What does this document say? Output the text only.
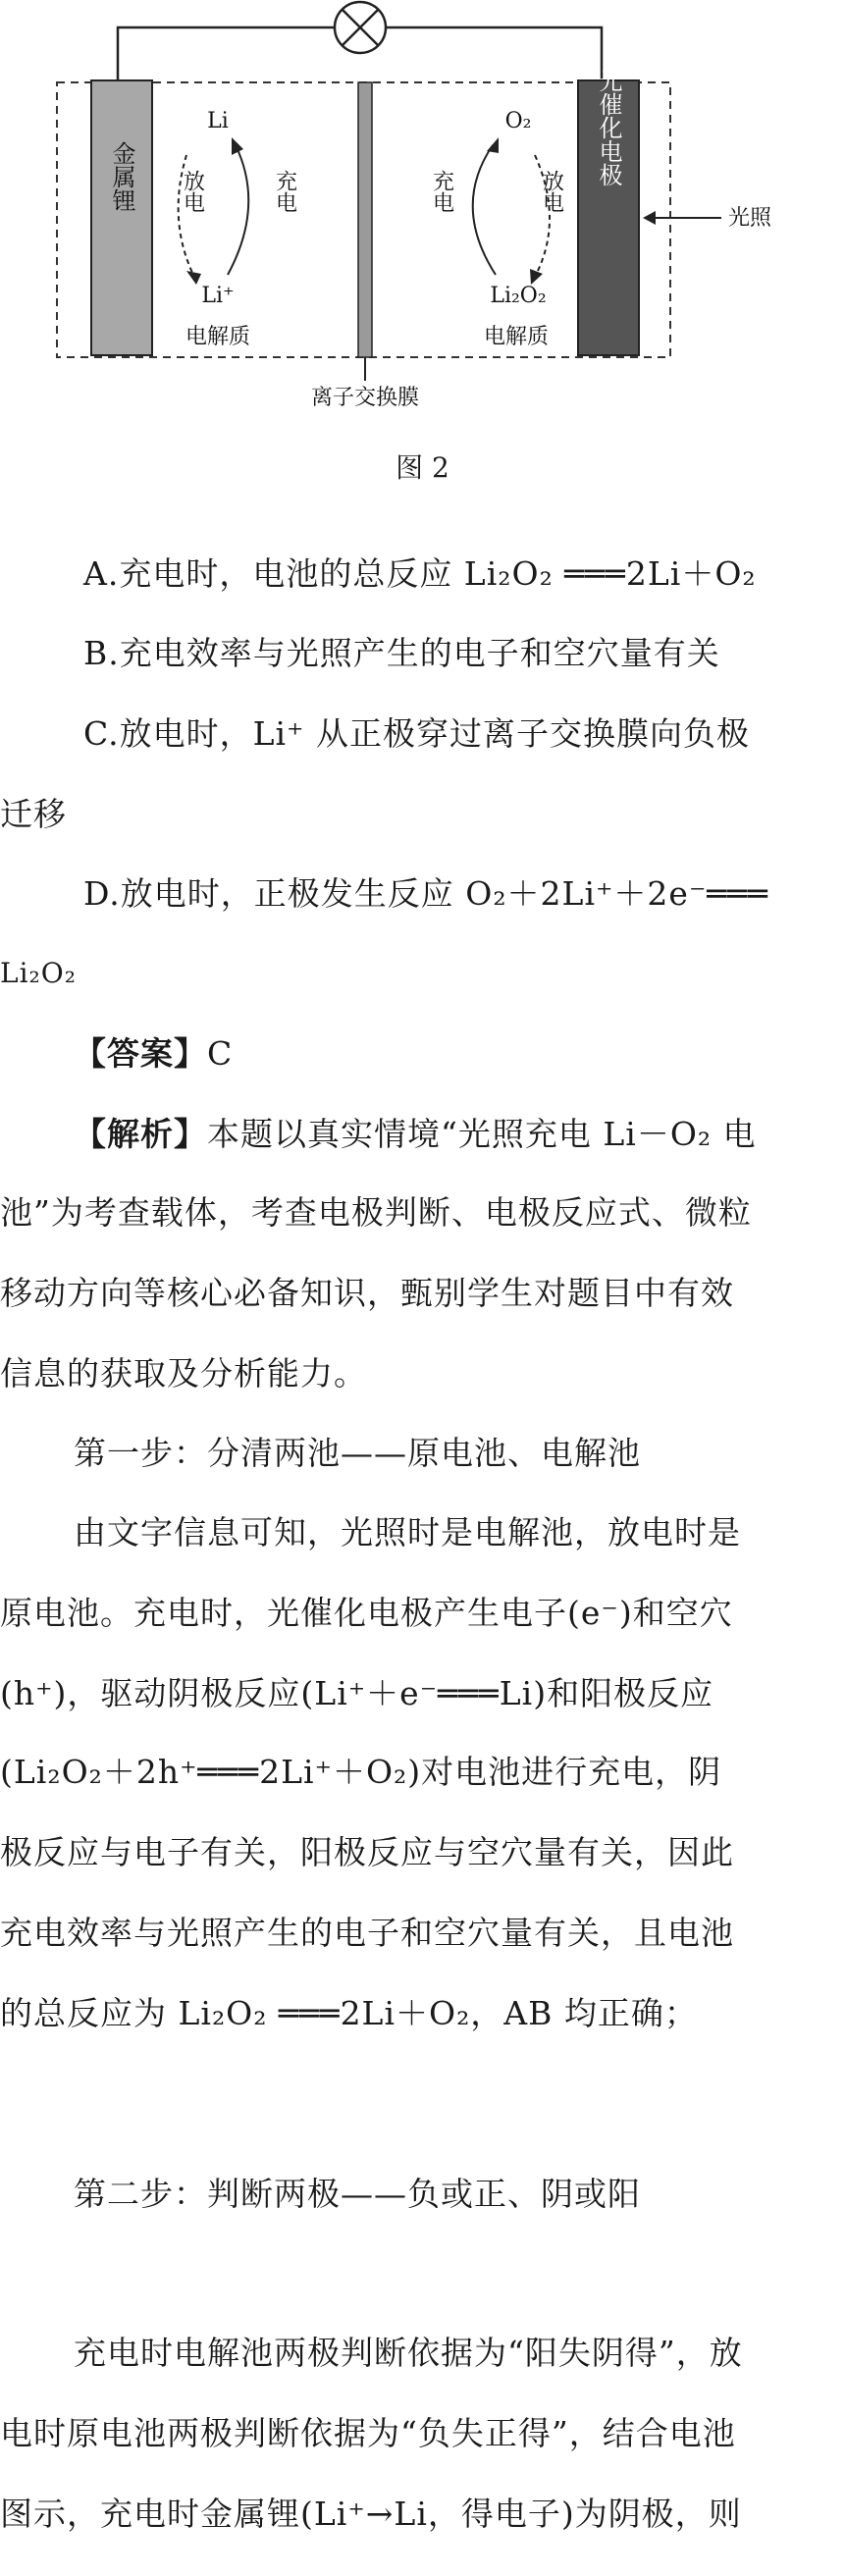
金属锂	光催化电极
Li
Li⁺
放电	充电
O₂
Li₂O₂
充电	放电
电解质	电解质
离子交换膜
光照
图 2
A.充电时，电池的总反应 Li₂O₂ ═══2Li＋O₂
B.充电效率与光照产生的电子和空穴量有关
C.放电时，Li⁺ 从正极穿过离子交换膜向负极
迁移
D.放电时，正极发生反应 O₂＋2Li⁺＋2e⁻═══
Li₂O₂
【答案】C
【解析】本题以真实情境“光照充电 Li－O₂ 电
池”为考查载体，考查电极判断、电极反应式、微粒
移动方向等核心必备知识，甄别学生对题目中有效
信息的获取及分析能力。
第一步：分清两池——原电池、电解池
由文字信息可知，光照时是电解池，放电时是
原电池。充电时，光催化电极产生电子(e⁻)和空穴
(h⁺)，驱动阴极反应(Li⁺＋e⁻═══Li)和阳极反应
(Li₂O₂＋2h⁺═══2Li⁺＋O₂)对电池进行充电，阴
极反应与电子有关，阳极反应与空穴量有关，因此
充电效率与光照产生的电子和空穴量有关，且电池
的总反应为 Li₂O₂ ═══2Li＋O₂，AB 均正确；
第二步：判断两极——负或正、阴或阳
充电时电解池两极判断依据为“阳失阴得”，放
电时原电池两极判断依据为“负失正得”，结合电池
图示，充电时金属锂(Li⁺→Li，得电子)为阴极，则
